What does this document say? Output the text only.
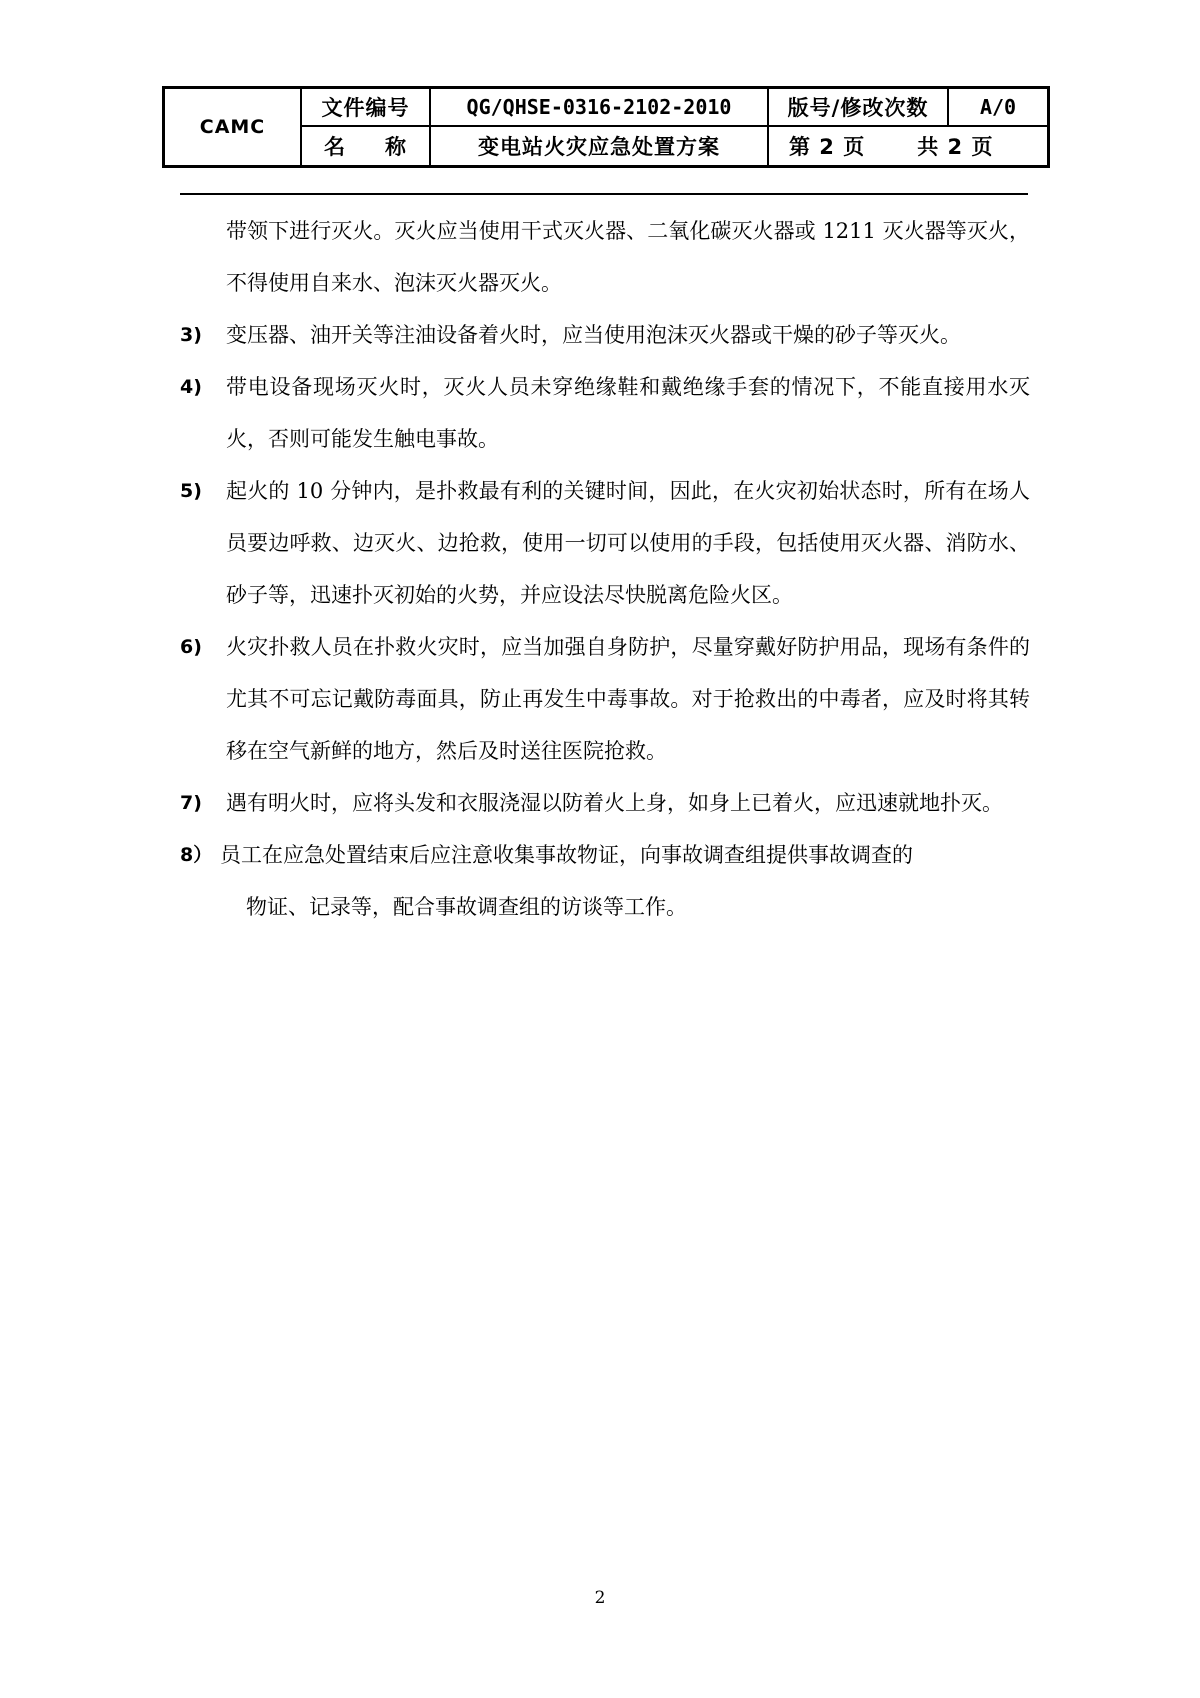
CAMC
文件编号	QG/QHSE-0316-2102-2010	版号/修改次数	A/0
名 称	变电站火灾应急处置方案	第 2 页 共 2 页

带领下进行灭火。灭火应当使用干式灭火器、二氧化碳灭火器或 1211 灭火器等灭火，不得使用自来水、泡沫灭火器灭火。

3) 变压器、油开关等注油设备着火时，应当使用泡沫灭火器或干燥的砂子等灭火。

4) 带电设备现场灭火时，灭火人员未穿绝缘鞋和戴绝缘手套的情况下，不能直接用水灭火，否则可能发生触电事故。

5) 起火的 10 分钟内，是扑救最有利的关键时间，因此，在火灾初始状态时，所有在场人员要边呼救、边灭火、边抢救，使用一切可以使用的手段，包括使用灭火器、消防水、砂子等，迅速扑灭初始的火势，并应设法尽快脱离危险火区。

6) 火灾扑救人员在扑救火灾时，应当加强自身防护，尽量穿戴好防护用品，现场有条件的尤其不可忘记戴防毒面具，防止再发生中毒事故。对于抢救出的中毒者，应及时将其转移在空气新鲜的地方，然后及时送往医院抢救。

7) 遇有明火时，应将头发和衣服浇湿以防着火上身，如身上已着火，应迅速就地扑灭。

8） 员工在应急处置结束后应注意收集事故物证，向事故调查组提供事故调查的
物证、记录等，配合事故调查组的访谈等工作。

2
